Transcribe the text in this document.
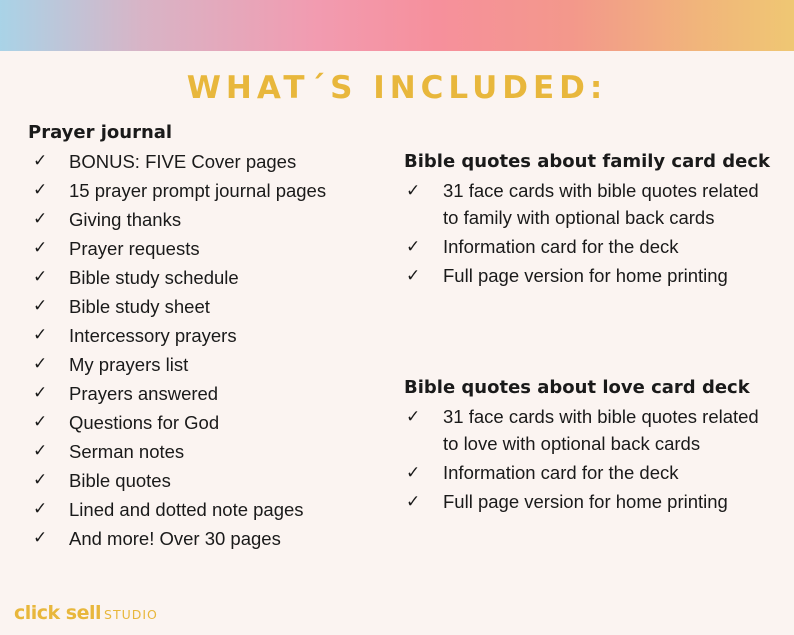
WHAT´S INCLUDED:
Prayer journal
✓ BONUS: FIVE Cover pages
✓ 15 prayer prompt journal pages
✓ Giving thanks
✓ Prayer requests
✓ Bible study schedule
✓ Bible study sheet
✓ Intercessory prayers
✓ My prayers list
✓ Prayers answered
✓ Questions for God
✓ Serman notes
✓ Bible quotes
✓ Lined and dotted note pages
✓ And more! Over 30 pages
Bible quotes about family card deck
✓ 31 face cards with bible quotes related to family with optional back cards
✓ Information card for the deck
✓ Full page version for home printing
Bible quotes about love card deck
✓ 31 face cards with bible quotes related to love with optional back cards
✓ Information card for the deck
✓ Full page version for home printing
click sell STUDIO
